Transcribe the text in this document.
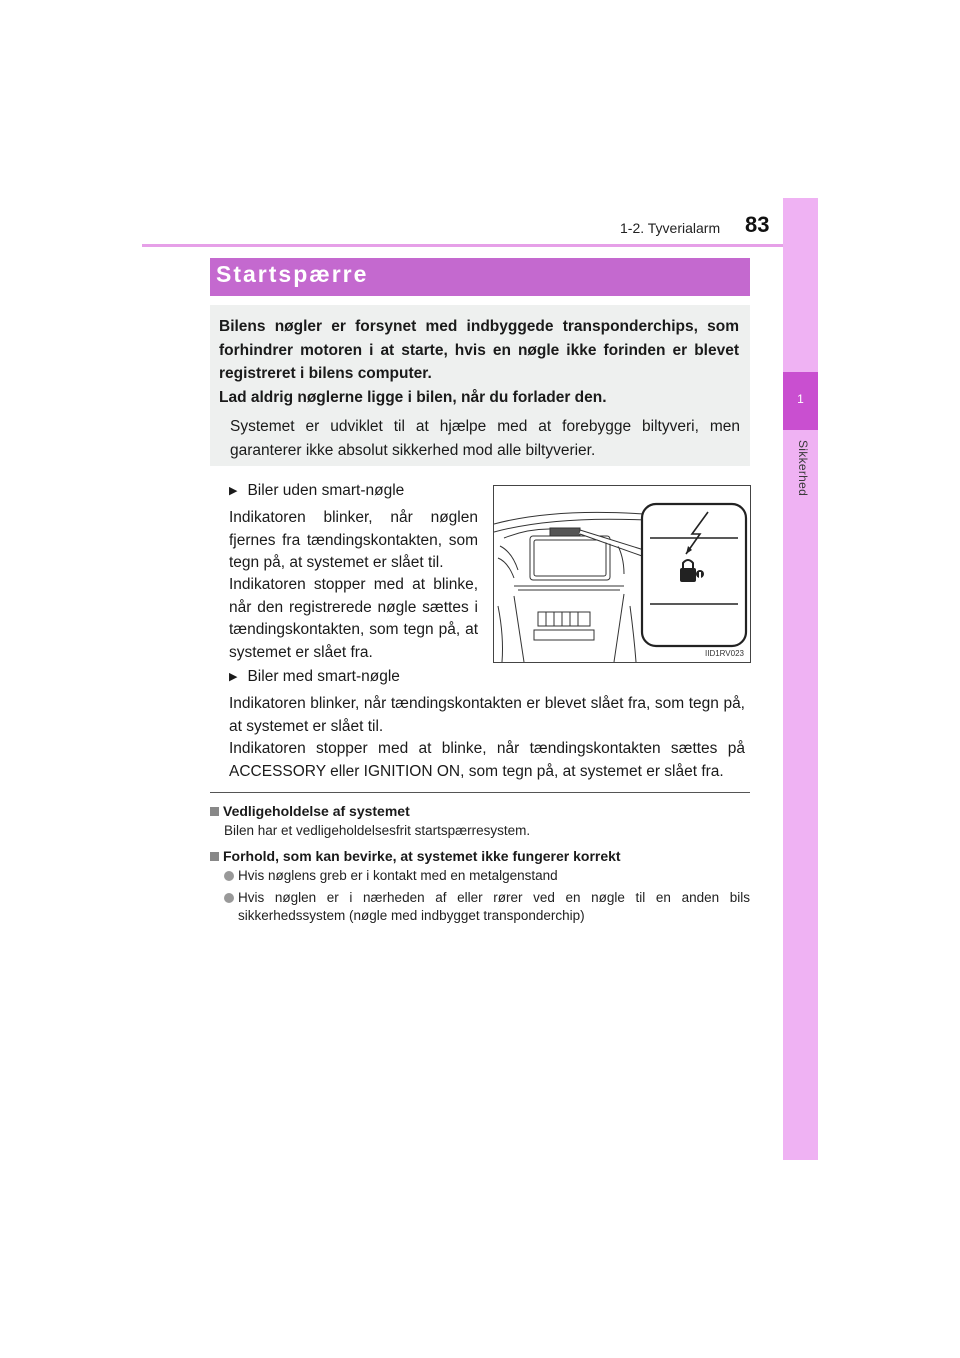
1-2. Tyverialarm 83
1
Sikkerhed
Startspærre
Bilens nøgler er forsynet med indbyggede transponderchips, som forhindrer motoren i at starte, hvis en nøgle ikke forinden er blevet registreret i bilens computer.
Lad aldrig nøglerne ligge i bilen, når du forlader den.
Systemet er udviklet til at hjælpe med at forebygge biltyveri, men garanterer ikke absolut sikkerhed mod alle biltyverier.
▶ Biler uden smart-nøgle
Indikatoren blinker, når nøglen fjernes fra tændingskontakten, som tegn på, at systemet er slået til.
Indikatoren stopper med at blinke, når den registrerede nøgle sættes i tændingskontakten, som tegn på, at systemet er slået fra.	IID1RV023
▶ Biler med smart-nøgle
Indikatoren blinker, når tændingskontakten er blevet slået fra, som tegn på, at systemet er slået til.
Indikatoren stopper med at blinke, når tændingskontakten sættes på ACCESSORY eller IGNITION ON, som tegn på, at systemet er slået fra.
Vedligeholdelse af systemet
Bilen har et vedligeholdelsesfrit startspærresystem.
Forhold, som kan bevirke, at systemet ikke fungerer korrekt
Hvis nøglens greb er i kontakt med en metalgenstand
Hvis nøglen er i nærheden af eller rører ved en nøgle til en anden bils sikkerhedssystem (nøgle med indbygget transponderchip)
